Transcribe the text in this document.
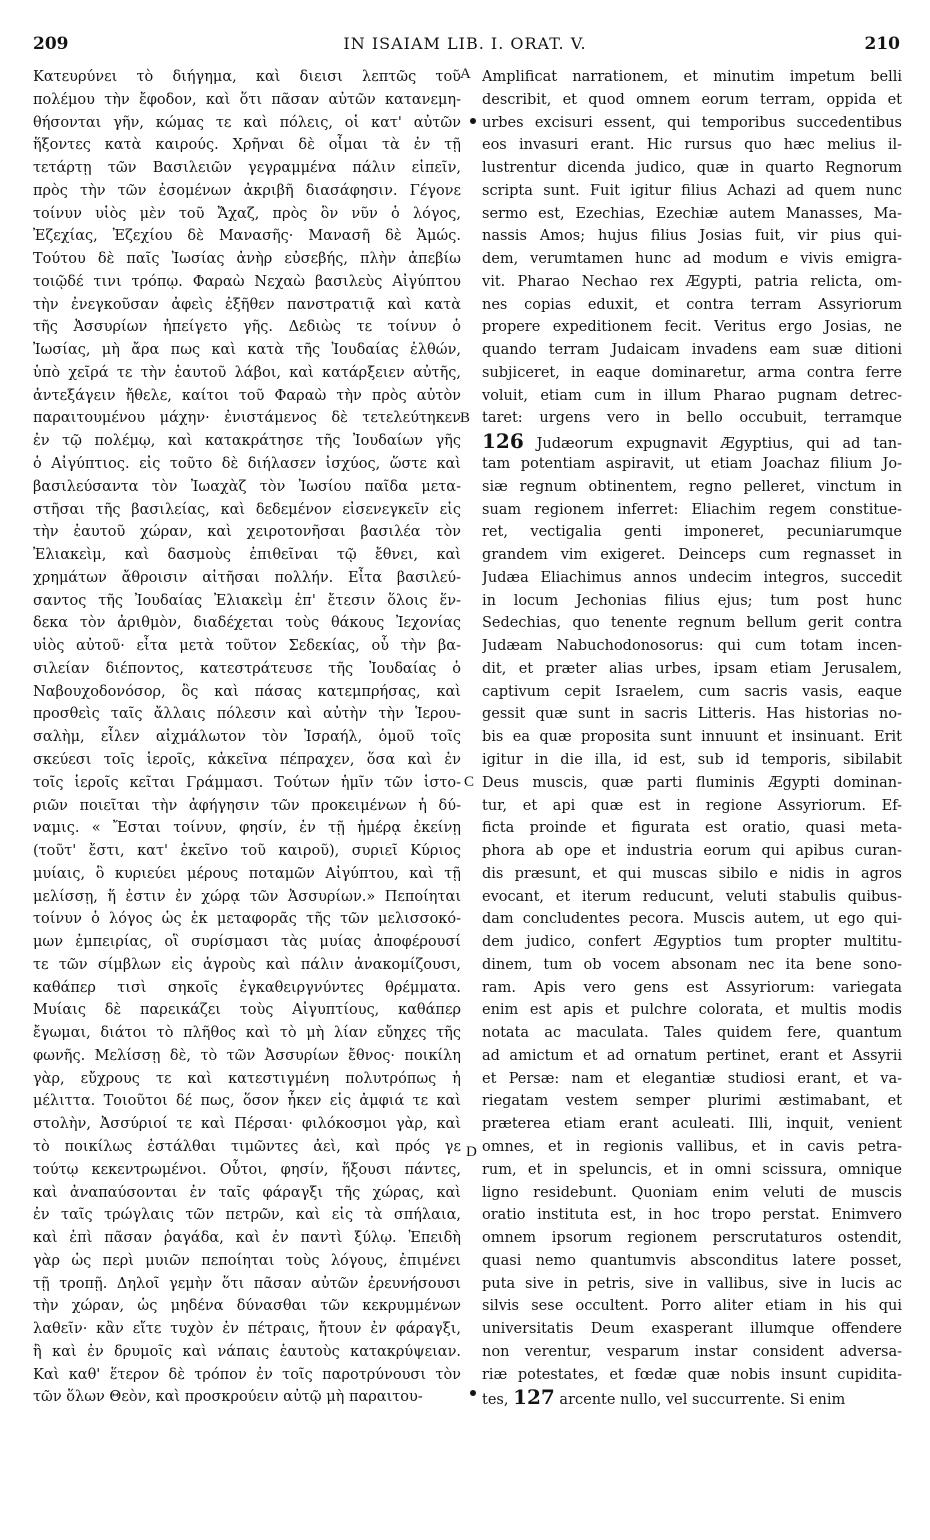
209	IN ISAIAM LIB. I. ORAT. V.	210
Κατευρύνει τὸ διήγημα, καὶ διεισι λεπτῶς τοῦ
πολέμου τὴν ἔφοδον, καὶ ὅτι πᾶσαν αὐτῶν κατανεμη-
θήσονται γῆν, κώμας τε καὶ πόλεις, οἱ κατ' αὐτῶν
ἥξοντες κατὰ καιρούς. Χρῆναι δὲ οἶμαι τὰ ἐν τῇ
τετάρτῃ τῶν Βασιλειῶν γεγραμμένα πάλιν εἰπεῖν,
πρὸς τὴν τῶν ἐσομένων ἀκριβῆ διασάφησιν. Γέγονε
τοίνυν υἱὸς μὲν τοῦ Ἄχαζ, πρὸς ὃν νῦν ὁ λόγος,
Ἐζεχίας, Ἐζεχίου δὲ Μανασῆς· Μανασῆ δὲ Ἀμώς.
Τούτου δὲ παῖς Ἰωσίας ἀνὴρ εὐσεβής, πλὴν ἀπεβίω
τοιῷδέ τινι τρόπῳ. Φαραὼ Νεχαὼ βασιλεὺς Αἰγύπτου
τὴν ἐνεγκοῦσαν ἀφεὶς ἐξῆθεν πανστρατιᾷ καὶ κατὰ
τῆς Ἀσσυρίων ἠπείγετο γῆς. Δεδιὼς τε τοίνυν ὁ
Ἰωσίας, μὴ ἄρα πως καὶ κατὰ τῆς Ἰουδαίας ἐλθών,
ὑπὸ χεῖρά τε τὴν ἑαυτοῦ λάβοι, καὶ κατάρξειεν αὐτῆς,
ἀντεξάγειν ἤθελε, καίτοι τοῦ Φαραὼ τὴν πρὸς αὐτὸν
παραιτουμένου μάχην· ἐνιστάμενος δὲ τετελεύτηκεν
ἐν τῷ πολέμῳ, καὶ κατακράτησε τῆς Ἰουδαίων γῆς
ὁ Αἰγύπτιος. εἰς τοῦτο δὲ διήλασεν ἰσχύος, ὥστε καὶ
βασιλεύσαντα τὸν Ἰωαχὰζ τὸν Ἰωσίου παῖδα μετα-
στῆσαι τῆς βασιλείας, καὶ δεδεμένον εἰσενεγκεῖν εἰς
τὴν ἑαυτοῦ χώραν, καὶ χειροτονῆσαι βασιλέα τὸν
Ἐλιακεὶμ, καὶ δασμοὺς ἐπιθεῖναι τῷ ἔθνει, καὶ
χρημάτων ἄθροισιν αἰτῆσαι πολλήν. Εἶτα βασιλεύ-
σαντος τῆς Ἰουδαίας Ἐλιακεὶμ ἐπ' ἔτεσιν ὅλοις ἕν-
δεκα τὸν ἀριθμὸν, διαδέχεται τοὺς θάκους Ἰεχονίας
υἱὸς αὐτοῦ· εἶτα μετὰ τοῦτον Σεδεκίας, οὗ τὴν βα-
σιλείαν διέποντος, κατεστράτευσε τῆς Ἰουδαίας ὁ
Ναβουχοδονόσορ, ὃς καὶ πάσας κατεμπρήσας, καὶ
προσθεὶς ταῖς ἄλλαις πόλεσιν καὶ αὐτὴν τὴν Ἱερου-
σαλὴμ, εἷλεν αἰχμάλωτον τὸν Ἰσραήλ, ὁμοῦ τοῖς
σκεύεσι τοῖς ἱεροῖς, κἀκεῖνα πέπραχεν, ὅσα καὶ ἐν
τοῖς ἱεροῖς κεῖται Γράμμασι. Τούτων ἡμῖν τῶν ἱστο-
ριῶν ποιεῖται τὴν ἀφήγησιν τῶν προκειμένων ἡ δύ-
ναμις. « Ἔσται τοίνυν, φησίν, ἐν τῇ ἡμέρᾳ ἐκείνῃ
(τοῦτ' ἔστι, κατ' ἐκεῖνο τοῦ καιροῦ), συριεῖ Κύριος
μυίαις, ὃ κυριεύει μέρους ποταμῶν Αἰγύπτου, καὶ τῇ
μελίσσῃ, ἥ ἐστιν ἐν χώρᾳ τῶν Ἀσσυρίων.» Πεποίηται
τοίνυν ὁ λόγος ὡς ἐκ μεταφορᾶς τῆς τῶν μελισσοκό-
μων ἐμπειρίας, οἳ συρίσμασι τὰς μυίας ἀποφέρουσί
τε τῶν σίμβλων εἰς ἀγροὺς καὶ πάλιν ἀνακομίζουσι,
καθάπερ τισὶ σηκοῖς ἐγκαθειργνύντες θρέμματα.
Μυίαις δὲ παρεικάζει τοὺς Αἰγυπτίους, καθάπερ
ἔγωμαι, διάτοι τὸ πλῆθος καὶ τὸ μὴ λίαν εὔηχες τῆς
φωνῆς. Μελίσσῃ δὲ, τὸ τῶν Ἀσσυρίων ἔθνος· ποικίλη
γὰρ, εὔχρους τε καὶ κατεστιγμένη πολυτρόπως ἡ
μέλιττα. Τοιοῦτοι δέ πως, ὅσον ἧκεν εἰς ἀμφιά τε καὶ
στολὴν, Ἀσσύριοί τε καὶ Πέρσαι· φιλόκοσμοι γὰρ, καὶ
τὸ ποικίλως ἐστάλθαι τιμῶντες ἀεὶ, καὶ πρός γε
τούτῳ κεκεντρωμένοι. Οὗτοι, φησίν, ἥξουσι πάντες,
καὶ ἀναπαύσονται ἐν ταῖς φάραγξι τῆς χώρας, καὶ
ἐν ταῖς τρώγλαις τῶν πετρῶν, καὶ εἰς τὰ σπήλαια,
καὶ ἐπὶ πᾶσαν ῥαγάδα, καὶ ἐν παντὶ ξύλῳ. Ἐπειδὴ
γὰρ ὡς περὶ μυιῶν πεποίηται τοὺς λόγους, ἐπιμένει
τῇ τροπῇ. Δηλοῖ γεμὴν ὅτι πᾶσαν αὐτῶν ἐρευνήσουσι
τὴν χώραν, ὡς μηδένα δύνασθαι τῶν κεκρυμμένων
λαθεῖν· κἂν εἴτε τυχὸν ἐν πέτραις, ἤτουν ἐν φάραγξι,
ἢ καὶ ἐν δρυμοῖς καὶ νάπαις ἑαυτοὺς κατακρύψειαν.
Καὶ καθ' ἕτερον δὲ τρόπον ἐν τοῖς παροτρύνουσι τὸν
τῶν ὅλων Θεὸν, καὶ προσκρούειν αὐτῷ μὴ παραιτου-
Amplificat narrationem, et minutim impetum belli
describit, et quod omnem eorum terram, oppida et
urbes excisuri essent, qui temporibus succedentibus
eos invasuri erant. Hic rursus quo hæc melius il-
lustrentur dicenda judico, quæ in quarto Regnorum
scripta sunt. Fuit igitur filius Achazi ad quem nunc
sermo est, Ezechias, Ezechiæ autem Manasses, Ma-
nassis Amos; hujus filius Josias fuit, vir pius qui-
dem, verumtamen hunc ad modum e vivis emigra-
vit. Pharao Nechao rex Ægypti, patria relicta, om-
nes copias eduxit, et contra terram Assyriorum
propere expeditionem fecit. Veritus ergo Josias, ne
quando terram Judaicam invadens eam suæ ditioni
subjiceret, in eaque dominaretur, arma contra ferre
voluit, etiam cum in illum Pharao pugnam detrec-
taret: urgens vero in bello occubuit, terramque
126 Judæorum expugnavit Ægyptius, qui ad tan-
tam potentiam aspiravit, ut etiam Joachaz filium Jo-
siæ regnum obtinentem, regno pelleret, vinctum in
suam regionem inferret: Eliachim regem constitue-
ret, vectigalia genti imponeret, pecuniarumque
grandem vim exigeret. Deinceps cum regnasset in
Judæa Eliachimus annos undecim integros, succedit
in locum Jechonias filius ejus; tum post hunc
Sedechias, quo tenente regnum bellum gerit contra
Judæam Nabuchodonosorus: qui cum totam incen-
dit, et præter alias urbes, ipsam etiam Jerusalem,
captivum cepit Israelem, cum sacris vasis, eaque
gessit quæ sunt in sacris Litteris. Has historias no-
bis ea quæ proposita sunt innuunt et insinuant. Erit
igitur in die illa, id est, sub id temporis, sibilabit
Deus muscis, quæ parti fluminis Ægypti dominan-
tur, et api quæ est in regione Assyriorum. Ef-
ficta proinde et figurata est oratio, quasi meta-
phora ab ope et industria eorum qui apibus curan-
dis præsunt, et qui muscas sibilo e nidis in agros
evocant, et iterum reducunt, veluti stabulis quibus-
dam concludentes pecora. Muscis autem, ut ego qui-
dem judico, confert Ægyptios tum propter multitu-
dinem, tum ob vocem absonam nec ita bene sono-
ram. Apis vero gens est Assyriorum: variegata
enim est apis et pulchre colorata, et multis modis
notata ac maculata. Tales quidem fere, quantum
ad amictum et ad ornatum pertinet, erant et Assyrii
et Persæ: nam et elegantiæ studiosi erant, et va-
riegatam vestem semper plurimi æstimabant, et
præterea etiam erant aculeati. Illi, inquit, venient
omnes, et in regionis vallibus, et in cavis petra-
rum, et in speluncis, et in omni scissura, omnique
ligno residebunt. Quoniam enim veluti de muscis
oratio instituta est, in hoc tropo perstat. Enimvero
omnem ipsorum regionem perscrutaturos ostendit,
quasi nemo quantumvis absconditus latere posset,
puta sive in petris, sive in vallibus, sive in lucis ac
silvis sese occultent. Porro aliter etiam in his qui
universitatis Deum exasperant illumque offendere
non verentur, vesparum instar consident adversa-
riæ potestates, et fœdæ quæ nobis insunt cupidita-
tes, 127 arcente nullo, vel succurrente. Si enim
A
B
C
D
